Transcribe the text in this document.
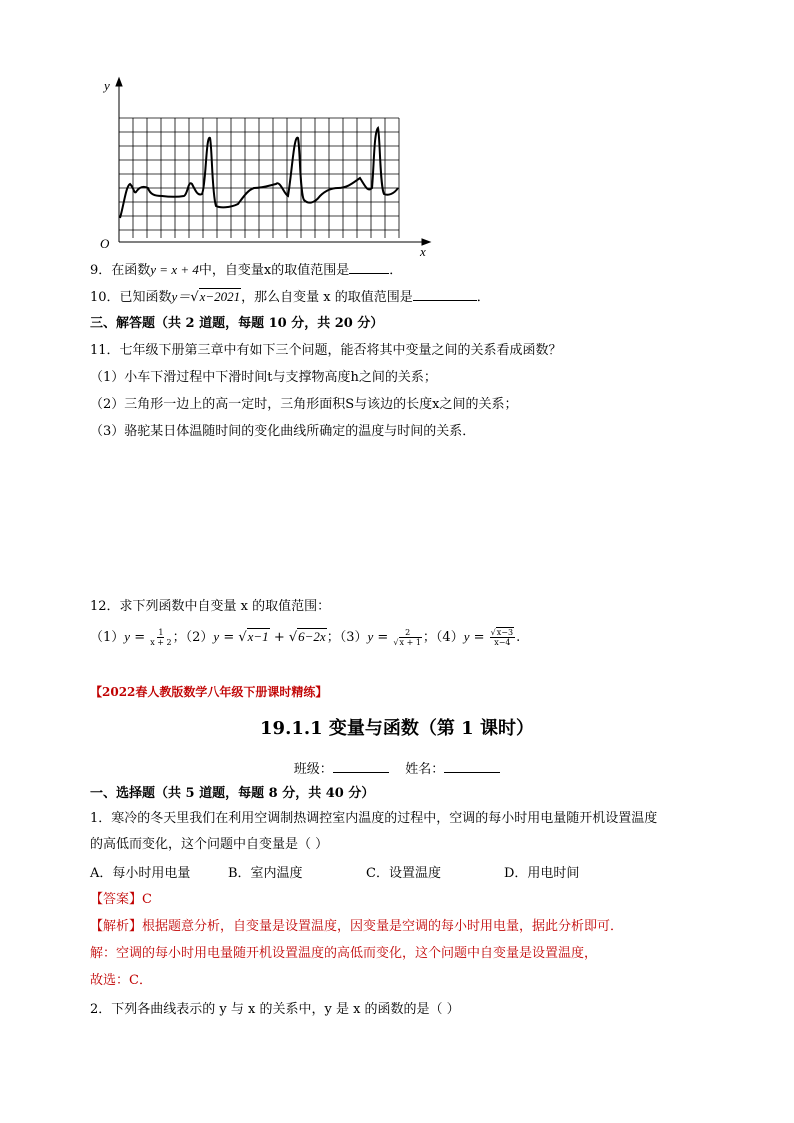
y
x
O
9．在函数y = x + 4中，自变量x的取值范围是	．
10．已知函数y＝√x−2021，那么自变量 x 的取值范围是	．
三、解答题（共 2 道题，每题 10 分，共 20 分）
11．七年级下册第三章中有如下三个问题，能否将其中变量之间的关系看成函数？
（1）小车下滑过程中下滑时间t与支撑物高度h之间的关系；
（2）三角形一边上的高一定时，三角形面积S与该边的长度x之间的关系；
（3）骆驼某日体温随时间的变化曲线所确定的温度与时间的关系．
12．求下列函数中自变量 x 的取值范围：
$(1)y = \frac{1}{x + 2}$ ；（2）y = √x−1 + √6−2x；$(3)y = \frac{2}{√x + 1}$ ；$(4)y = \frac{√x-3}{x-4}$ .
【2022春人教版数学八年级下册课时精练】
19.1.1 变量与函数（第 1 课时）
班级：	姓名：
一、选择题（共 5 道题，每题 8 分，共 40 分）
1．寒冷的冬天里我们在利用空调制热调控室内温度的过程中，空调的每小时用电量随开机设置温度
的高低而变化，这个问题中自变量是（ ）
A．每小时用电量	B．室内温度	C．设置温度	D．用电时间
【答案】C
【解析】根据题意分析，自变量是设置温度，因变量是空调的每小时用电量，据此分析即可．
解：空调的每小时用电量随开机设置温度的高低而变化，这个问题中自变量是设置温度，
故选：C．
2．下列各曲线表示的 y 与 x 的关系中，y 是 x 的函数的是（ ）
